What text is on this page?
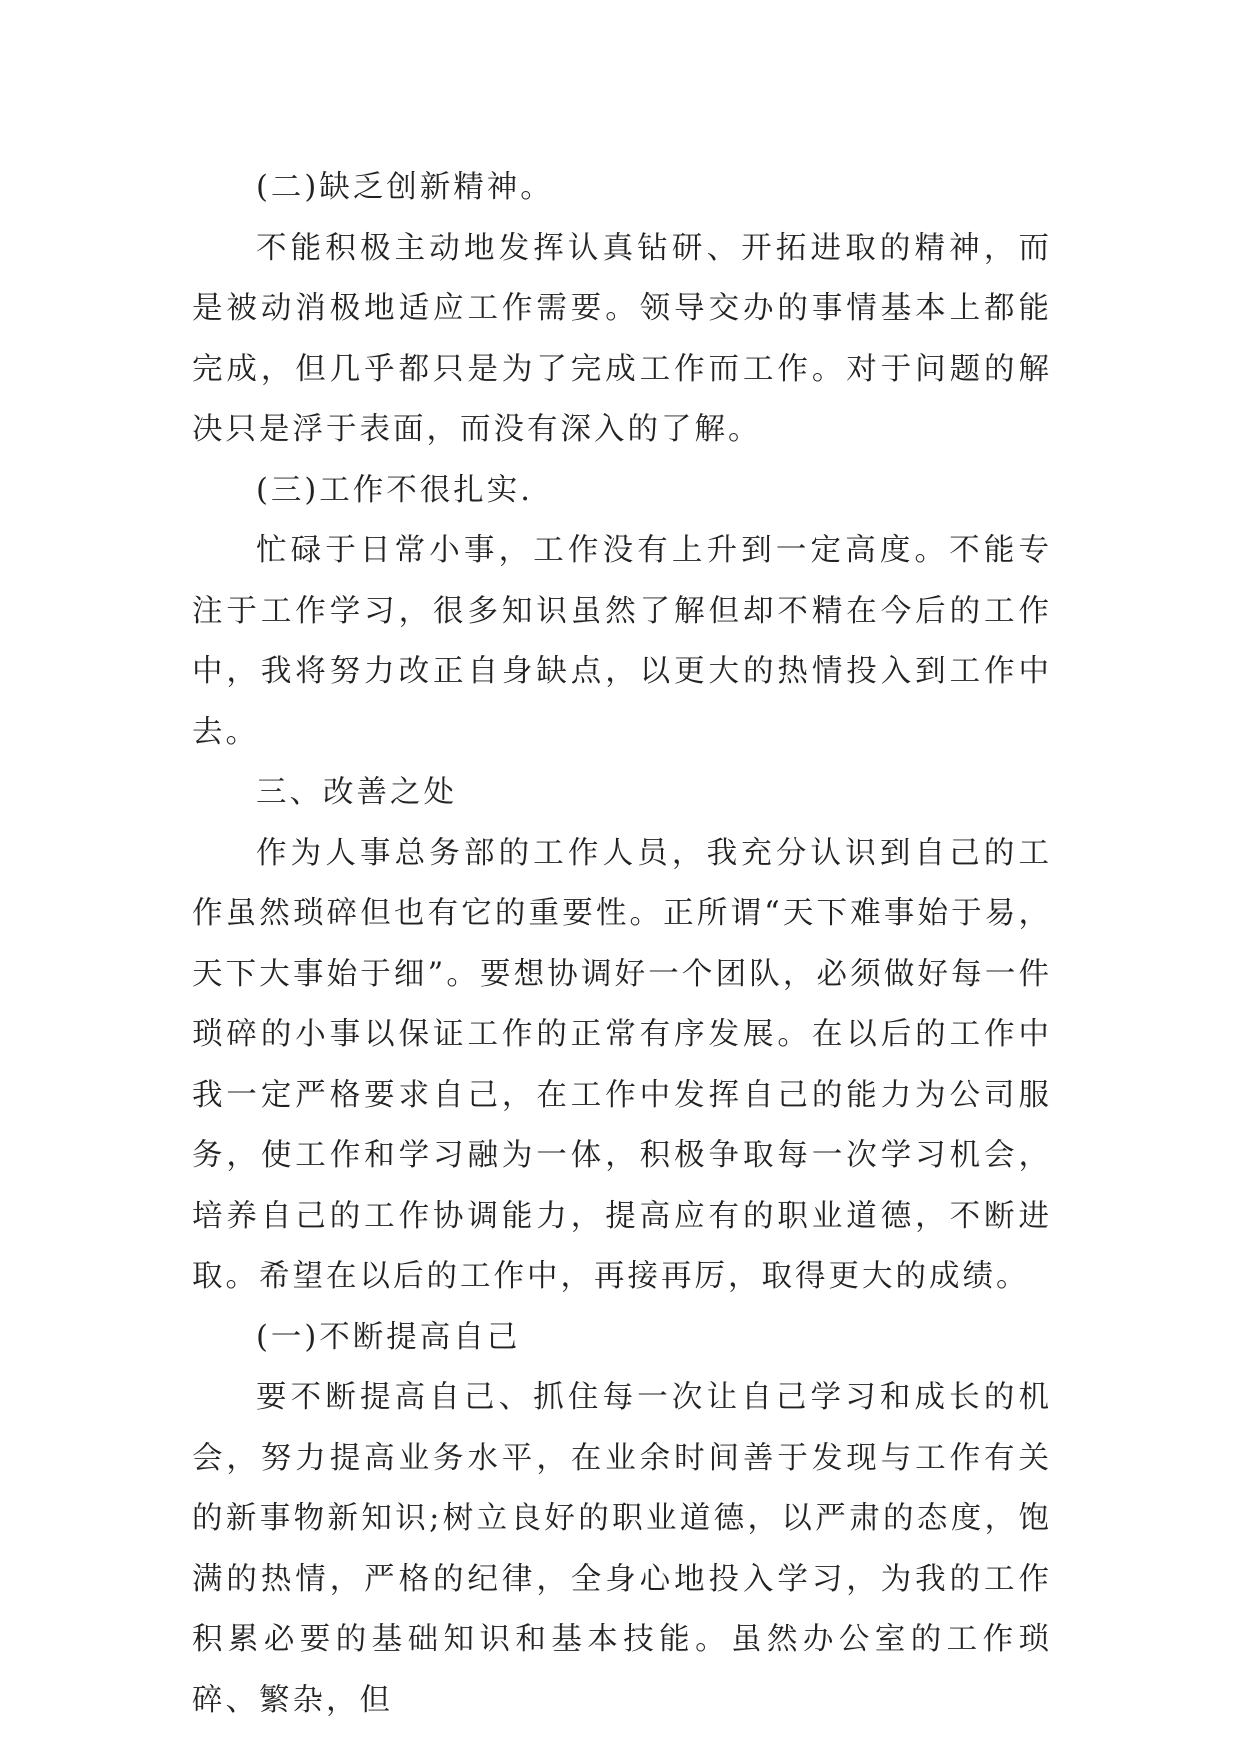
(二)缺乏创新精神。

不能积极主动地发挥认真钻研、开拓进取的精神，而是被动消极地适应工作需要。领导交办的事情基本上都能完成，但几乎都只是为了完成工作而工作。对于问题的解决只是浮于表面，而没有深入的了解。

(三)工作不很扎实.

忙碌于日常小事，工作没有上升到一定高度。不能专注于工作学习，很多知识虽然了解但却不精在今后的工作中，我将努力改正自身缺点，以更大的热情投入到工作中去。

三、改善之处

作为人事总务部的工作人员，我充分认识到自己的工作虽然琐碎但也有它的重要性。正所谓“天下难事始于易，天下大事始于细”。要想协调好一个团队，必须做好每一件琐碎的小事以保证工作的正常有序发展。在以后的工作中我一定严格要求自己，在工作中发挥自己的能力为公司服务，使工作和学习融为一体，积极争取每一次学习机会，培养自己的工作协调能力，提高应有的职业道德，不断进取。希望在以后的工作中，再接再厉，取得更大的成绩。

(一)不断提高自己

要不断提高自己、抓住每一次让自己学习和成长的机会，努力提高业务水平，在业余时间善于发现与工作有关的新事物新知识;树立良好的职业道德，以严肃的态度，饱满的热情，严格的纪律，全身心地投入学习，为我的工作积累必要的基础知识和基本技能。虽然办公室的工作琐碎、繁杂，但
